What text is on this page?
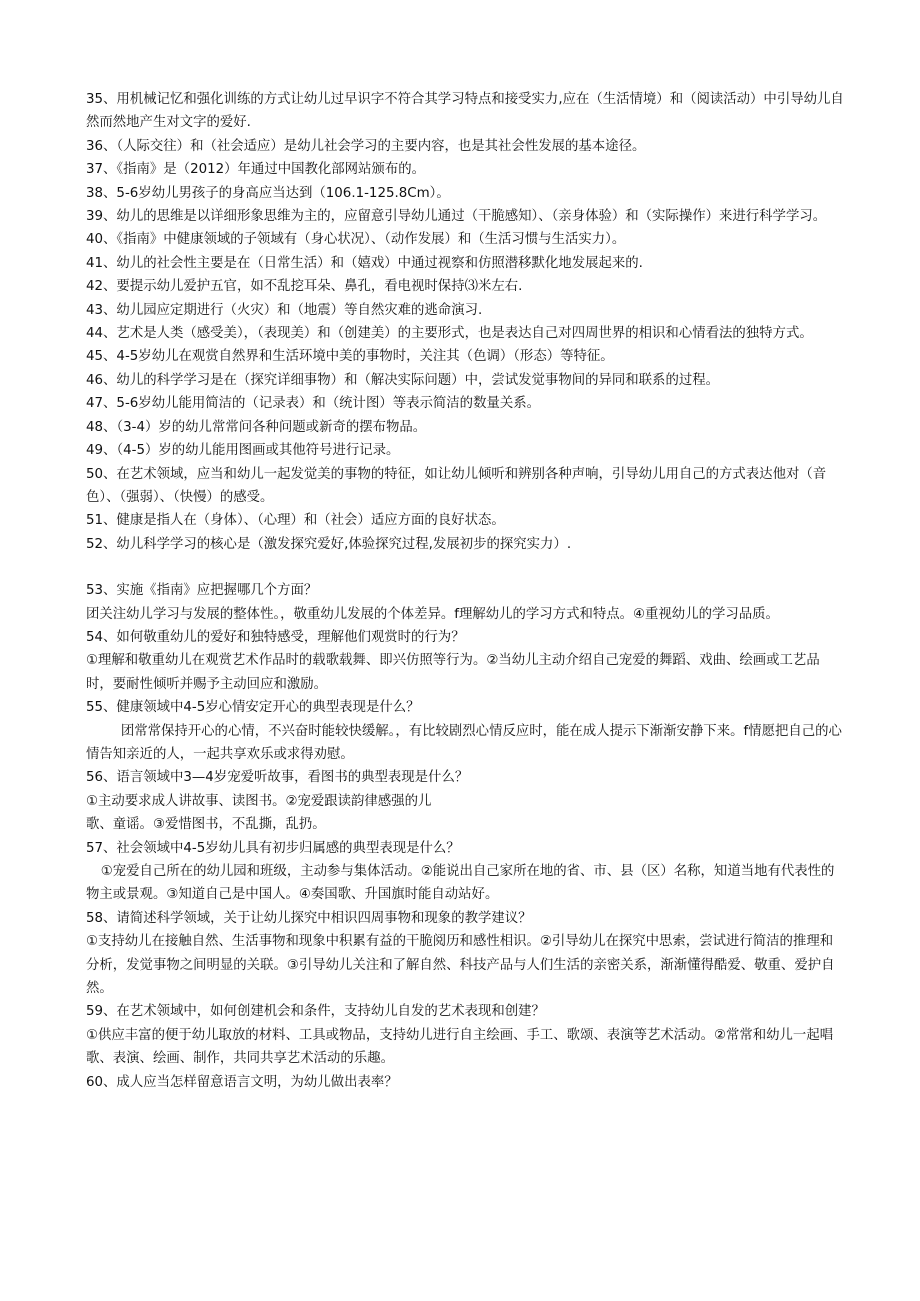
35、用机械记忆和强化训练的方式让幼儿过早识字不符合其学习特点和接受实力,应在（生活情境）和（阅读活动）中引导幼儿自然而然地产生对文字的爱好.

36、（人际交往）和（社会适应）是幼儿社会学习的主要内容，也是其社会性发展的基本途径。

37、《指南》是（2012）年通过中国教化部网站颁布的。

38、5-6岁幼儿男孩子的身高应当达到（106.1-125.8Cm）。

39、幼儿的思维是以详细形象思维为主的，应留意引导幼儿通过（干脆感知）、（亲身体验）和（实际操作）来进行科学学习。

40、《指南》中健康领域的子领域有（身心状况）、（动作发展）和（生活习惯与生活实力）。

41、幼儿的社会性主要是在（日常生活）和（嬉戏）中通过视察和仿照潜移默化地发展起来的.

42、要提示幼儿爱护五官，如不乱挖耳朵、鼻孔，看电视时保持⑶米左右.

43、幼儿园应定期进行（火灾）和（地震）等自然灾难的逃命演习.

44、艺术是人类（感受美），（表现美）和（创建美）的主要形式，也是表达自己对四周世界的相识和心情看法的独特方式。

45、4-5岁幼儿在观赏自然界和生活环境中美的事物时，关注其（色调）（形态）等特征。

46、幼儿的科学学习是在（探究详细事物）和（解决实际问题）中，尝试发觉事物间的异同和联系的过程。

47、5-6岁幼儿能用简洁的（记录表）和（统计图）等表示简洁的数量关系。

48、（3-4）岁的幼儿常常问各种问题或新奇的摆布物品。

49、（4-5）岁的幼儿能用图画或其他符号进行记录。

50、在艺术领域，应当和幼儿一起发觉美的事物的特征，如让幼儿倾听和辨别各种声响，引导幼儿用自己的方式表达他对（音色）、（强弱）、（快慢）的感受。

51、健康是指人在（身体）、（心理）和（社会）适应方面的良好状态。

52、幼儿科学学习的核心是（激发探究爱好,体验探究过程,发展初步的探究实力）.

53、实施《指南》应把握哪几个方面？

团关注幼儿学习与发展的整体性。，敬重幼儿发展的个体差异。f理解幼儿的学习方式和特点。④重视幼儿的学习品质。

54、如何敬重幼儿的爱好和独特感受，理解他们观赏时的行为？

①理解和敬重幼儿在观赏艺术作品时的载歌载舞、即兴仿照等行为。②当幼儿主动介绍自己宠爱的舞蹈、戏曲、绘画或工艺品时，要耐性倾听并赐予主动回应和激励。

55、健康领域中4-5岁心情安定开心的典型表现是什么？

团常常保持开心的心情，不兴奋时能较快缓解。，有比较剧烈心情反应时，能在成人提示下渐渐安静下来。f情愿把自己的心情告知亲近的人，一起共享欢乐或求得劝慰。

56、语言领域中3—4岁宠爱听故事，看图书的典型表现是什么？

①主动要求成人讲故事、读图书。②宠爱跟读韵律感强的儿

歌、童谣。③爱惜图书，不乱撕，乱扔。

57、社会领域中4-5岁幼儿具有初步归属感的典型表现是什么？

①宠爱自己所在的幼儿园和班级，主动参与集体活动。②能说出自己家所在地的省、市、县（区）名称，知道当地有代表性的物主或景观。③知道自己是中国人。④奏国歌、升国旗时能自动站好。

58、请简述科学领域，关于让幼儿探究中相识四周事物和现象的教学建议？

①支持幼儿在接触自然、生活事物和现象中积累有益的干脆阅历和感性相识。②引导幼儿在探究中思索，尝试进行简洁的推理和分析，发觉事物之间明显的关联。③引导幼儿关注和了解自然、科技产品与人们生活的亲密关系，渐渐懂得酷爱、敬重、爱护自然。

59、在艺术领域中，如何创建机会和条件，支持幼儿自发的艺术表现和创建？

①供应丰富的便于幼儿取放的材料、工具或物品，支持幼儿进行自主绘画、手工、歌颂、表演等艺术活动。②常常和幼儿一起唱歌、表演、绘画、制作，共同共享艺术活动的乐趣。

60、成人应当怎样留意语言文明，为幼儿做出表率？
